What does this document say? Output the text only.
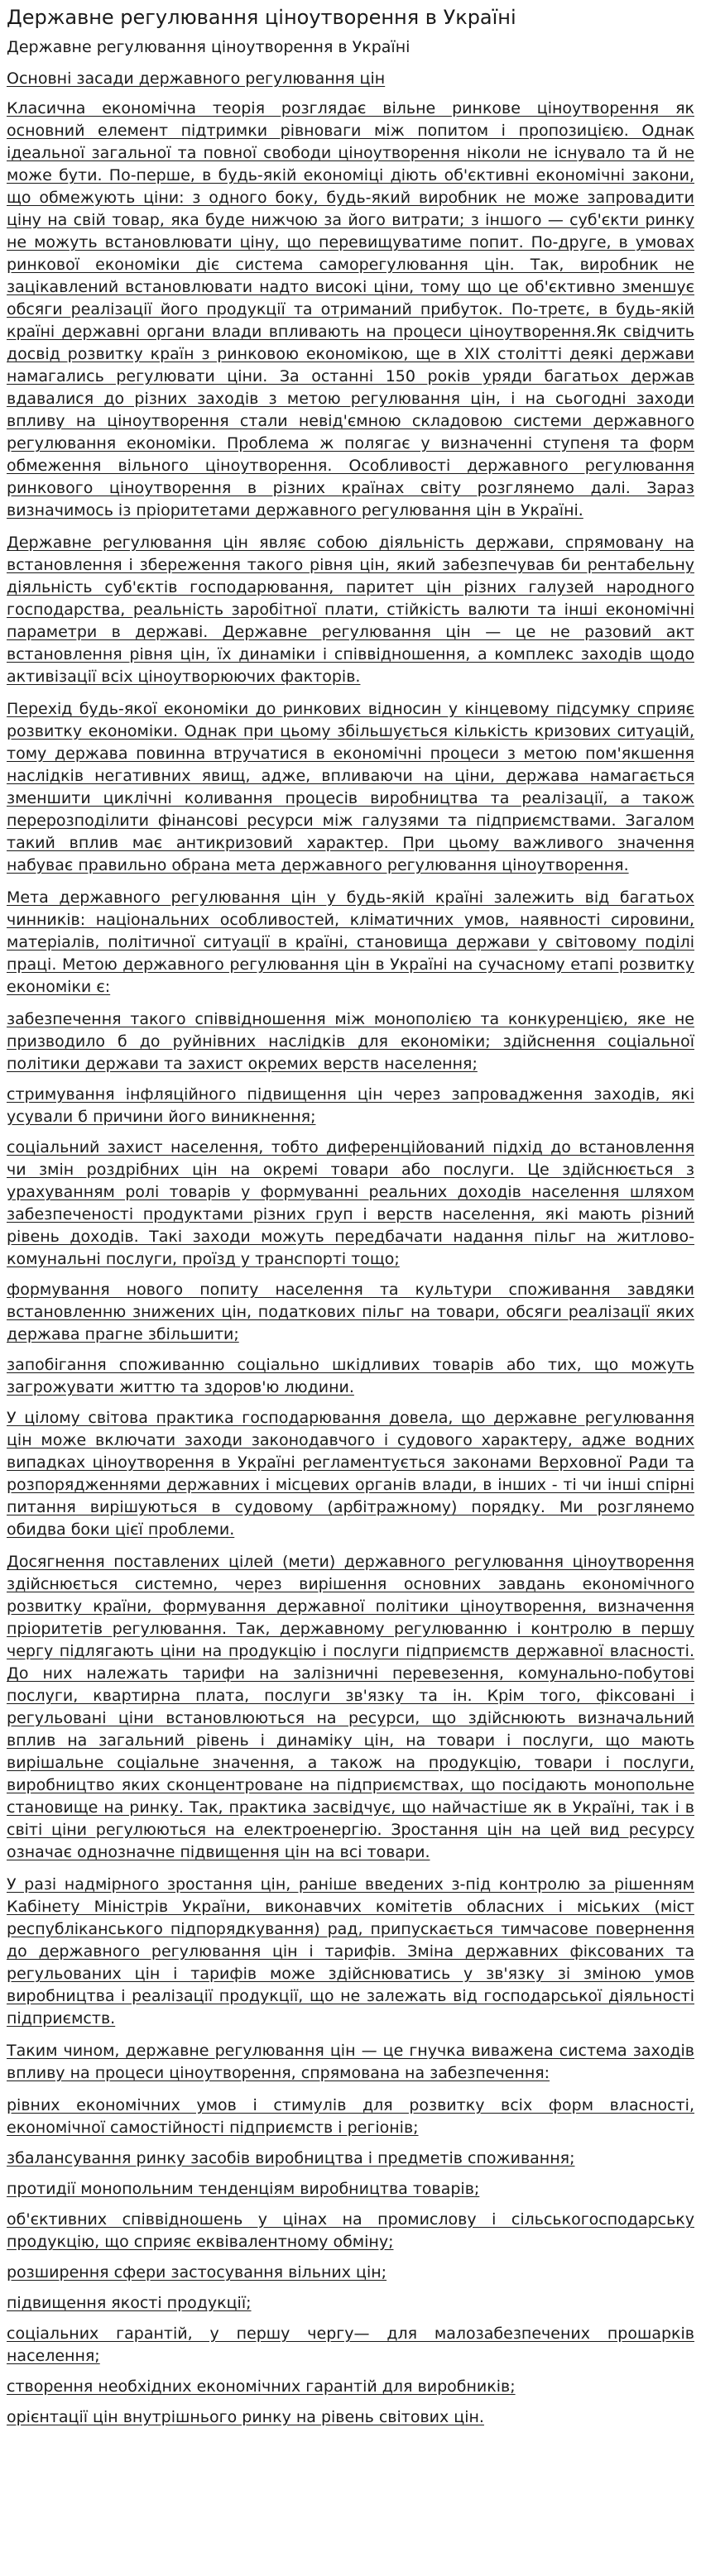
Державне регулювання ціноутворення в Україні
Державне регулювання ціноутворення в Україні
Основні засади державного регулювання цін

Класична економічна теорія розглядає вільне ринкове ціноутворення як основний елемент підтримки рівноваги між попитом і пропозицією. Однак ідеальної загальної та повної свободи ціноутворення ніколи не існувало та й не може бути. По-перше, в будь-якій економіці діють об'єктивні економічні закони, що обмежують ціни: з одного боку, будь-який виробник не може запровадити ціну на свій товар, яка буде нижчою за його витрати; з іншого — суб'єкти ринку не можуть встановлювати ціну, що перевищуватиме попит. По-друге, в умовах ринкової економіки діє система самoрегулювання цін. Так, виробник не зацікавлений встановлювати надто високі ціни, тому що це об'єктивно зменшує обсяги реалізації його продукції та отриманий прибуток. По-третє, в будь-якій країні державні органи влади впливають на процеси ціноутворення.Як свідчить досвід розвитку країн з ринковою економікою, ще в XIX столітті деякі держави намагались регулювати ціни. За останні 150 років уряди багатьох держав вдавалися до різних заходів з метою регулювання цін, і на сьогодні заходи впливу на ціноутворення стали невід'ємною складовою системи державного регулювання економіки. Проблема ж полягає у визначенні ступеня та форм обмеження вільного ціноутворення. Особливості державного регулювання ринкового ціноутворення в різних країнах світу розглянемо далі. Зараз визначимось із пріоритетами державного регулювання цін в Україні.

Державне регулювання цін являє собою діяльність держави, спрямовану на встановлення і збереження такого рівня цін, який забезпечував би рентабельну діяльність суб'єктів господарювання, паритет цін різних галузей народного господарства, реальність заробітної плати, стійкість валюти та інші економічні параметри в державі. Державне регулювання цін — це не разовий акт встановлення рівня цін, їх динаміки і співвідношення, а комплекс заходів щодо активізації всіх ціноутворюючих факторів.

Перехід будь-якої економіки до ринкових відносин у кінцевому підсумку сприяє розвитку економіки. Однак при цьому збільшується кількість кризових ситуацій, тому держава повинна втручатися в економічні процеси з метою пом'якшення наслідків негативних явищ, адже, впливаючи на ціни, держава намагається зменшити циклічні коливання процесів виробництва та реалізації, а також перерозподілити фінансові ресурси між галузями та підприємствами. Загалом такий вплив має антикризовий характер. При цьому важливого значення набуває правильно обрана мета державного регулювання ціноутворення.

Мета державного регулювання цін у будь-якій країні залежить від багатьох чинників: національних особливостей, кліматичних умов, наявності сировини, матеріалів, політичної ситуації в країні, становища держави у світовому поділі праці. Метою державного регулювання цін в Україні на сучасному етапі розвитку економіки є:

забезпечення такого співвідношення між монополією та конкуренцією, яке не призводило б до руйнівних наслідків для економіки; здійснення соціальної політики держави та захист окремих верств населення;

стримування інфляційного підвищення цін через запровадження заходів, які усували б причини його виникнення;

соціальний захист населення, тобто диференційований підхід до встановлення чи змін роздрібних цін на окремі товари або послуги. Це здійснюється з урахуванням ролі товарів у формуванні реальних доходів населення шляхом забезпеченості продуктами різних груп і верств населення, які мають різний рівень доходів. Такі заходи можуть передбачати надання пільг на житлово-комунальні послуги, проїзд у транспорті тощо;

формування нового попиту населення та культури споживання завдяки встановленню знижених цін, податкових пільг на товари, обсяги реалізації яких держава прагне збільшити;

запобігання споживанню соціально шкідливих товарів або тих, що можуть загрожувати життю та здоров'ю людини.

У цілому світова практика господарювання довела, що державне регулювання цін може включати заходи законодавчого і судового характеру, адже водних випадках ціноутворення в Україні регламентується законами Верховної Ради та розпорядженнями державних і місцевих органів влади, в інших - ті чи інші спірні питання вирішуються в судовому (арбітражному) порядку. Ми розглянемо обидва боки цієї проблеми.

Досягнення поставлених цілей (мети) державного регулювання ціноутворення здійснюється системно, через вирішення основних завдань економічного розвитку країни, формування державної політики ціноутворення, визначення пріоритетів регулювання. Так, державному регулюванню і контролю в першу чергу підлягають ціни на продукцію і послуги підприємств державної власності. До них належать тарифи на залізничні перевезення, комунально-побутові послуги, квартирна плата, послуги зв'язку та ін. Крім того, фіксовані і регульовані ціни встановлюються на ресурси, що здійснюють визначальний вплив на загальний рівень і динаміку цін, на товари і послуги, що мають вирішальне соціальне значення, а також на продукцію, товари і послуги, виробництво яких сконцентроване на підприємствах, що посідають монопольне становище на ринку. Так, практика засвідчує, що найчастіше як в Україні, так і в світі ціни регулюються на електроенергію. Зростання цін на цей вид ресурсу означає однозначне підвищення цін на всі товари.

У разі надмірного зростання цін, раніше введених з-під контролю за рішенням Кабінету Міністрів України, виконавчих комітетів обласних і міських (міст республіканського підпорядкування) рад, припускається тимчасове повернення до державного регулювання цін і тарифів. Зміна державних фіксованих та регульованих цін і тарифів може здійснюватись у зв'язку зі зміною умов виробництва і реалізації продукції, що не залежать від господарської діяльності підприємств.

Таким чином, державне регулювання цін — це гнучка виважена система заходів впливу на процеси ціноутворення, спрямована на забезпечення:

рівних економічних умов і стимулів для розвитку всіх форм власності, економічної самостійності підприємств і регіонів;

збалансування ринку засобів виробництва і предметів споживання;

протидії монопольним тенденціям виробництва товарів;

об'єктивних співвідношень у цінах на промислову і сільськогосподарську продукцію, що сприяє еквівалентному обміну;

розширення сфери застосування вільних цін;

підвищення якості продукції;

соціальних гарантій, у першу чергу— для малозабезпечених прошарків населення;

створення необхідних економічних гарантій для виробників;

орієнтації цін внутрішнього ринку на рівень світових цін.
